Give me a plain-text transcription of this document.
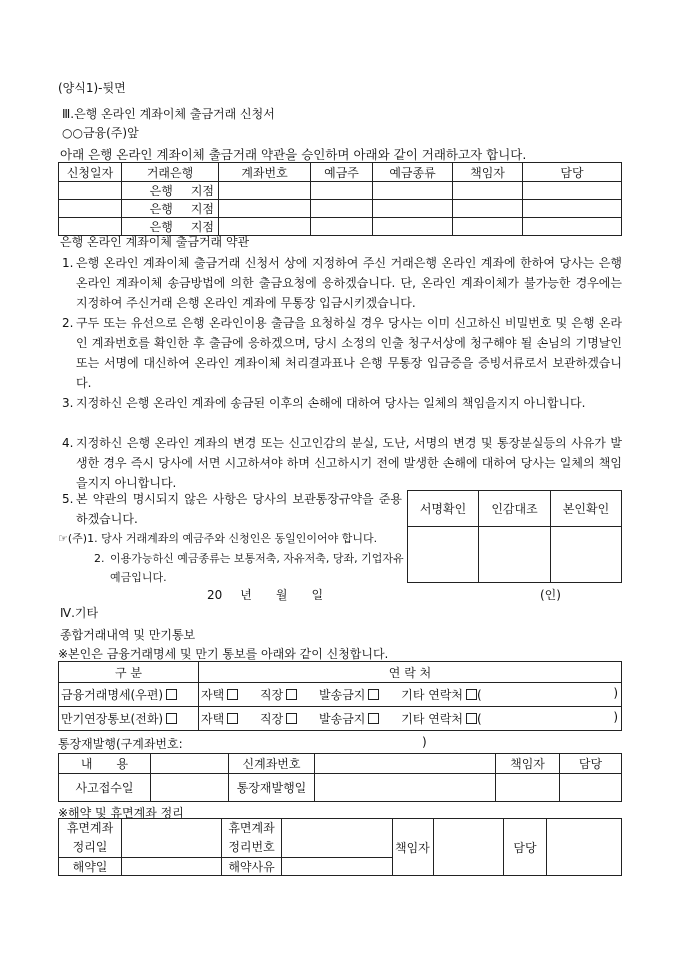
(양식1)-뒷면
Ⅲ.은행 온라인 계좌이체 출금거래 신청서
○○금융(주)앞
아래 은행 온라인 계좌이체 출금거래 약관을 승인하며 아래와 같이 거래하고자 합니다.
신청일자	거래은행	계좌번호	예금주	예금종류	책임자	담당
	은행   지점					
	은행   지점					
	은행   지점					
은행 온라인 계좌이체 출금거래 약관
1. 은행 온라인 계좌이체 출금거래 신청서 상에 지정하여 주신 거래은행 온라인 계좌에 한하여 당사는 은행 온라인 계좌이체 송금방법에 의한 출금요청에 응하겠습니다. 단, 온라인 계좌이체가 불가능한 경우에는 지정하여 주신거래 은행 온라인 계좌에 무통장 입금시키겠습니다.
2. 구두 또는 유선으로 은행 온라인이용 출금을 요청하실 경우 당사는 이미 신고하신 비밀번호 및 은행 온라인 계좌번호를 확인한 후 출금에 응하겠으며, 당시 소정의 인출 청구서상에 청구해야 될 손님의 기명날인 또는 서명에 대신하여 온라인 계좌이체 처리결과표나 은행 무통장 입금증을 증빙서류로서 보관하겠습니다.
3. 지정하신 은행 온라인 계좌에 송금된 이후의 손해에 대하여 당사는 일체의 책임을지지 아니합니다.
4. 지정하신 은행 온라인 계좌의 변경 또는 신고인감의 분실, 도난, 서명의 변경 및 통장분실등의 사유가 발생한 경우 즉시 당사에 서면 시고하셔야 하며 신고하시기 전에 발생한 손해에 대하여 당사는 일체의 책임을지지 아니합니다.
5. 본 약관의 명시되지 않은 사항은 당사의 보관통장규약을 준용하겠습니다.
☞(주)1. 당사 거래계좌의 예금주와 신청인은 동일인이어야 합니다.
2. 이용가능하신 예금종류는 보통저축, 자유저축, 당좌, 기업자유예금입니다.
서명확인	인감대조	본인확인

20   년   월   일	(인)
Ⅳ.기타
종합거래내역 및 만기통보
※본인은 금융거래명세 및 만기 통보를 아래와 같이 신청합니다.
구 분	연 락 처
금융거래명세(우편)	자택   직장   발송금지   기타 연락처 ( )

만기연장통보(전화)	자택   직장   발송금지   기타 연락처 ( )
통장재발행(구계좌번호:	)
내　　용		신계좌번호		책임자	담당
사고접수일		통장재발행일			
※해약 및 휴면계좌 정리
휴면계좌
정리일		휴면계좌
정리번호		책임자		담당	
해약일		해약사유					
